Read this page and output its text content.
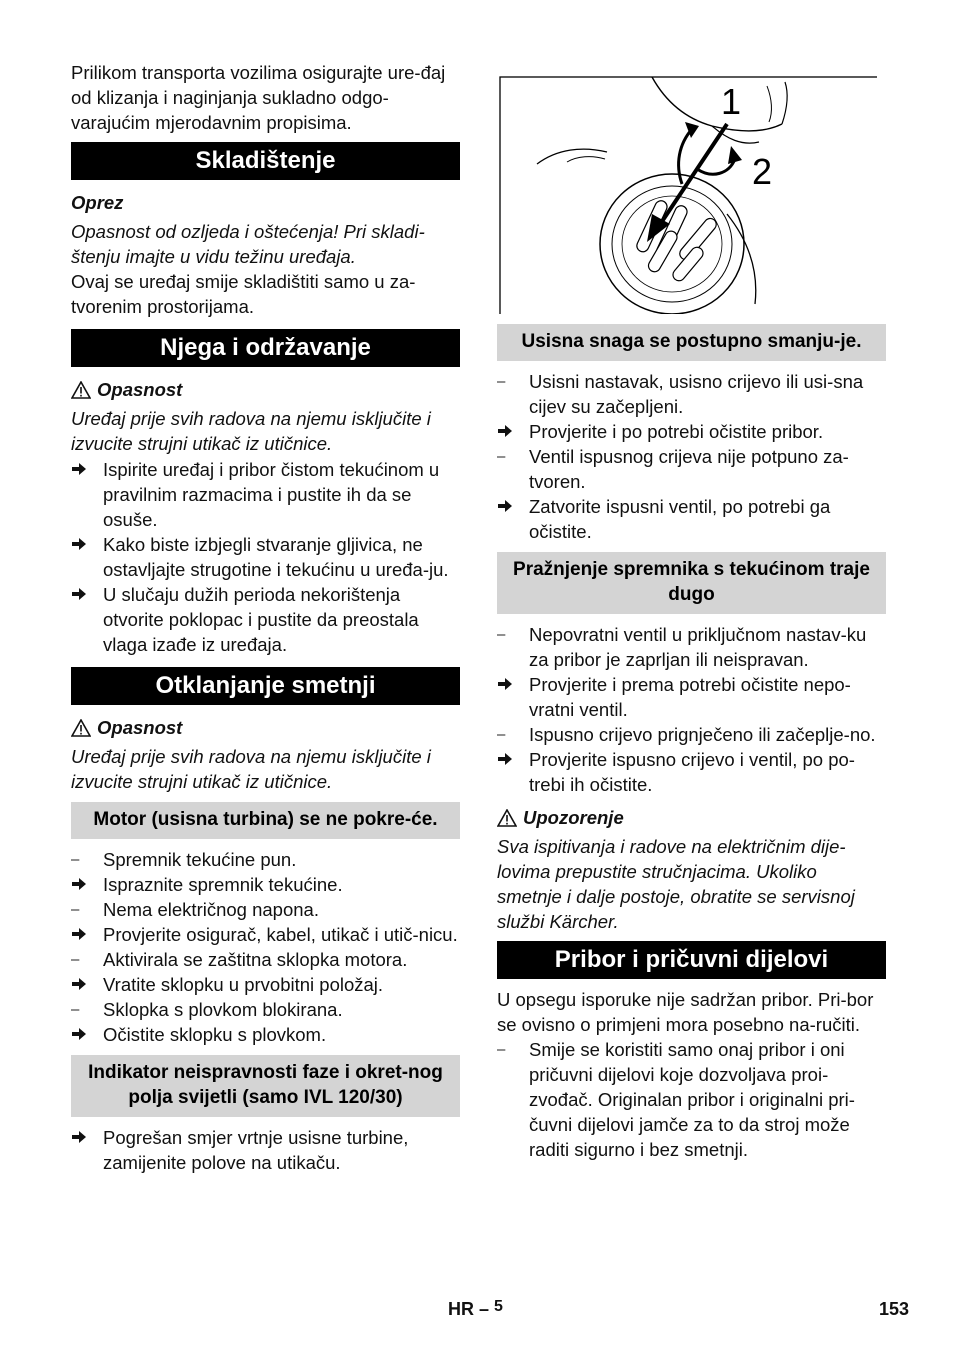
Prilikom transporta vozilima osigurajte ure-đaj od klizanja i naginjanja sukladno odgo-varajućim mjerodavnim propisima.

Skladištenje

Oprez

Opasnost od ozljeda i oštećenja! Pri skladi-štenju imajte u vidu težinu uređaja.

Ovaj se uređaj smije skladištiti samo u za-tvorenim prostorijama.

Njega i održavanje
Opasnost

Uređaj prije svih radova na njemu isključite i izvucite strujni utikač iz utičnice.

Ispirite uređaj i pribor čistom tekućinom u pravilnim razmacima i pustite ih da se osuše.
Kako biste izbjegli stvaranje gljivica, ne ostavljajte strugotine i tekućinu u uređa-ju.
U slučaju dužih perioda nekorištenja otvorite poklopac i pustite da preostala vlaga izađe iz uređaja.
Otklanjanje smetnji
Opasnost

Uređaj prije svih radova na njemu isključite i izvucite strujni utikač iz utičnice.

Motor (usisna turbina) se ne pokre-će.
–	Spremnik tekućine pun.
Ispraznite spremnik tekućine.
–	Nema električnog napona.
Provjerite osigurač, kabel, utikač i utič-nicu.
–	Aktivirala se zaštitna sklopka motora.
Vratite sklopku u prvobitni položaj.
–	Sklopka s plovkom blokirana.
Očistite sklopku s plovkom.
Indikator neispravnosti faze i okret-nog polja svijetli (samo IVL 120/30)
Pogrešan smjer vrtnje usisne turbine, zamijenite polove na utikaču.
1
2
Usisna snaga se postupno smanju-je.
–	Usisni nastavak, usisno crijevo ili usi-sna cijev su začepljeni.
Provjerite i po potrebi očistite pribor.
–	Ventil ispusnog crijeva nije potpuno za-tvoren.
Zatvorite ispusni ventil, po potrebi ga očistite.
Pražnjenje spremnika s tekućinom traje dugo
–	Nepovratni ventil u priključnom nastav-ku za pribor je zaprljan ili neispravan.
Provjerite i prema potrebi očistite nepo-vratni ventil.
–	Ispusno crijevo prignječeno ili začeplje-no.
Provjerite ispusno crijevo i ventil, po po-trebi ih očistite.
Upozorenje

Sva ispitivanja i radove na električnim dije-lovima prepustite stručnjacima. Ukoliko smetnje i dalje postoje, obratite se servisnoj službi Kärcher.

Pribor i pričuvni dijelovi

U opsegu isporuke nije sadržan pribor. Pri-bor se ovisno o primjeni mora posebno na-ručiti.

–	Smije se koristiti samo onaj pribor i oni pričuvni dijelovi koje dozvoljava proi-zvođač. Originalan pribor i originalni pri-čuvni dijelovi jamče za to da stroj može raditi sigurno i bez smetnji.
HR – 5	153
